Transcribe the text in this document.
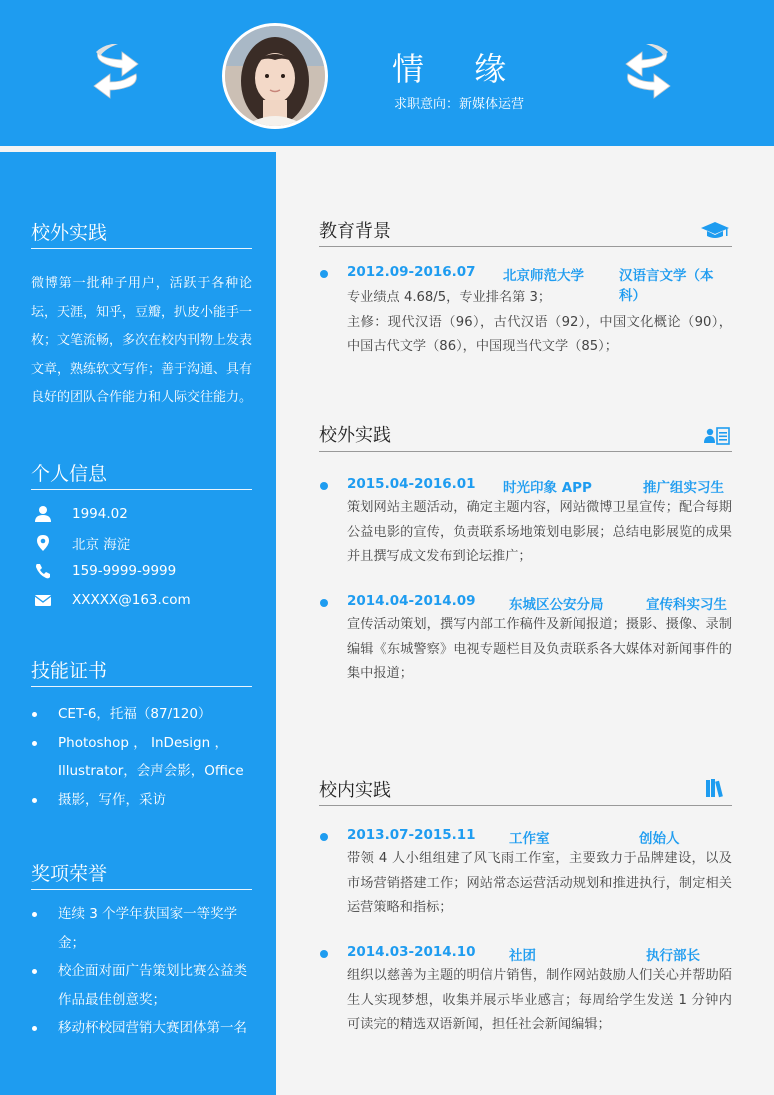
情 缘
求职意向：新媒体运营
校外实践
微博第一批种子用户，活跃于各种论坛，天涯，知乎，豆瓣，扒皮小能手一枚；文笔流畅，多次在校内刊物上发表文章，熟练软文写作；善于沟通、具有良好的团队合作能力和人际交往能力。
个人信息
1994.02
北京 海淀
159-9999-9999
XXXXX@163.com
技能证书
CET-6，托福（87/120）
Photoshop ， InDesign ， Illustrator，会声会影，Office
摄影，写作，采访
奖项荣誉
连续 3 个学年获国家一等奖学金；
校企面对面广告策划比赛公益类作品最佳创意奖；
移动杯校园营销大赛团体第一名
教育背景
2012.09-2016.07 北京师范大学	汉语言文学（本科）
专业绩点 4.68/5，专业排名第 3；
主修：现代汉语（96），古代汉语（92），中国文化概论（90），中国古代文学（86），中国现当代文学（85）；
校外实践
2015.04-2016.01 时光印象 APP	推广组实习生
策划网站主题活动，确定主题内容，网站微博卫星宣传；配合每期公益电影的宣传，负责联系场地策划电影展；总结电影展览的成果并且撰写成文发布到论坛推广；
2014.04-2014.09 东城区公安分局	宣传科实习生
宣传活动策划，撰写内部工作稿件及新闻报道；摄影、摄像、录制编辑《东城警察》电视专题栏目及负责联系各大媒体对新闻事件的集中报道；
校内实践
2013.07-2015.11 工作室	创始人
带领 4 人小组组建了风飞雨工作室，主要致力于品牌建设，以及市场营销搭建工作；网站常态运营活动规划和推进执行，制定相关运营策略和指标；
2014.03-2014.10 社团	执行部长
组织以慈善为主题的明信片销售，制作网站鼓励人们关心并帮助陌生人实现梦想，收集并展示毕业感言；每周给学生发送 1 分钟内可读完的精选双语新闻，担任社会新闻编辑；
